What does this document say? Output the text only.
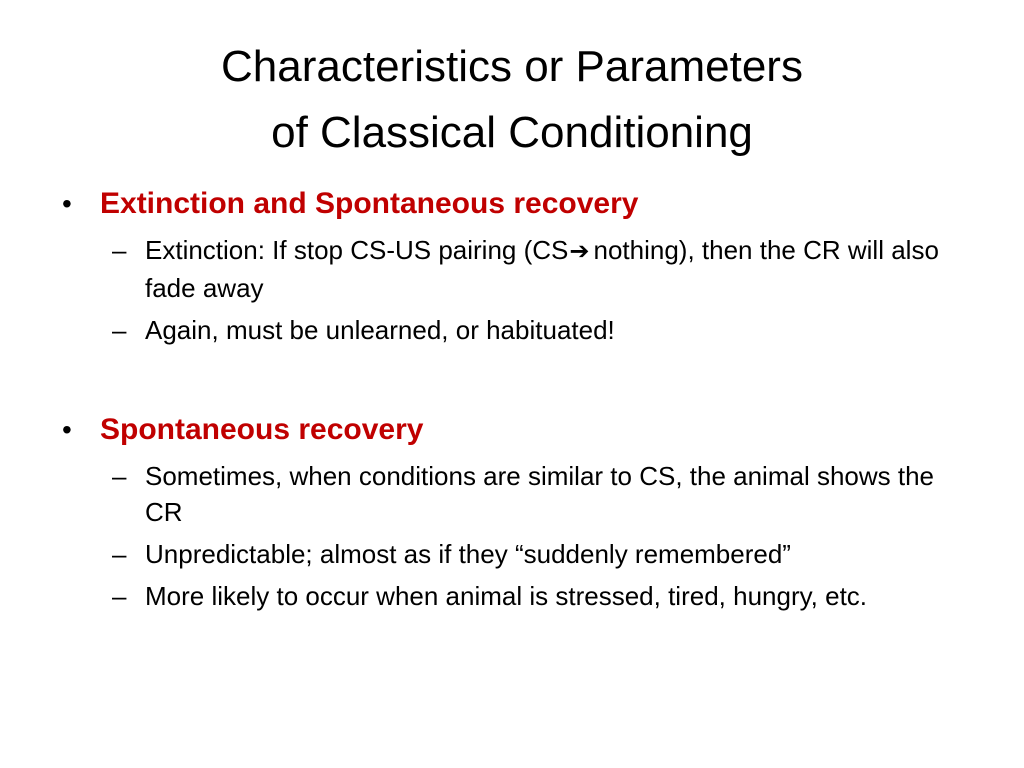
Characteristics or Parameters
of Classical Conditioning
• Extinction and Spontaneous recovery
– Extinction: If stop CS-US pairing (CS➔ nothing), then the CR will also fade away
– Again, must be unlearned, or habituated!
• Spontaneous recovery
– Sometimes, when conditions are similar to CS, the animal shows the CR
– Unpredictable; almost as if they “suddenly remembered”
– More likely to occur when animal is stressed, tired, hungry, etc.
